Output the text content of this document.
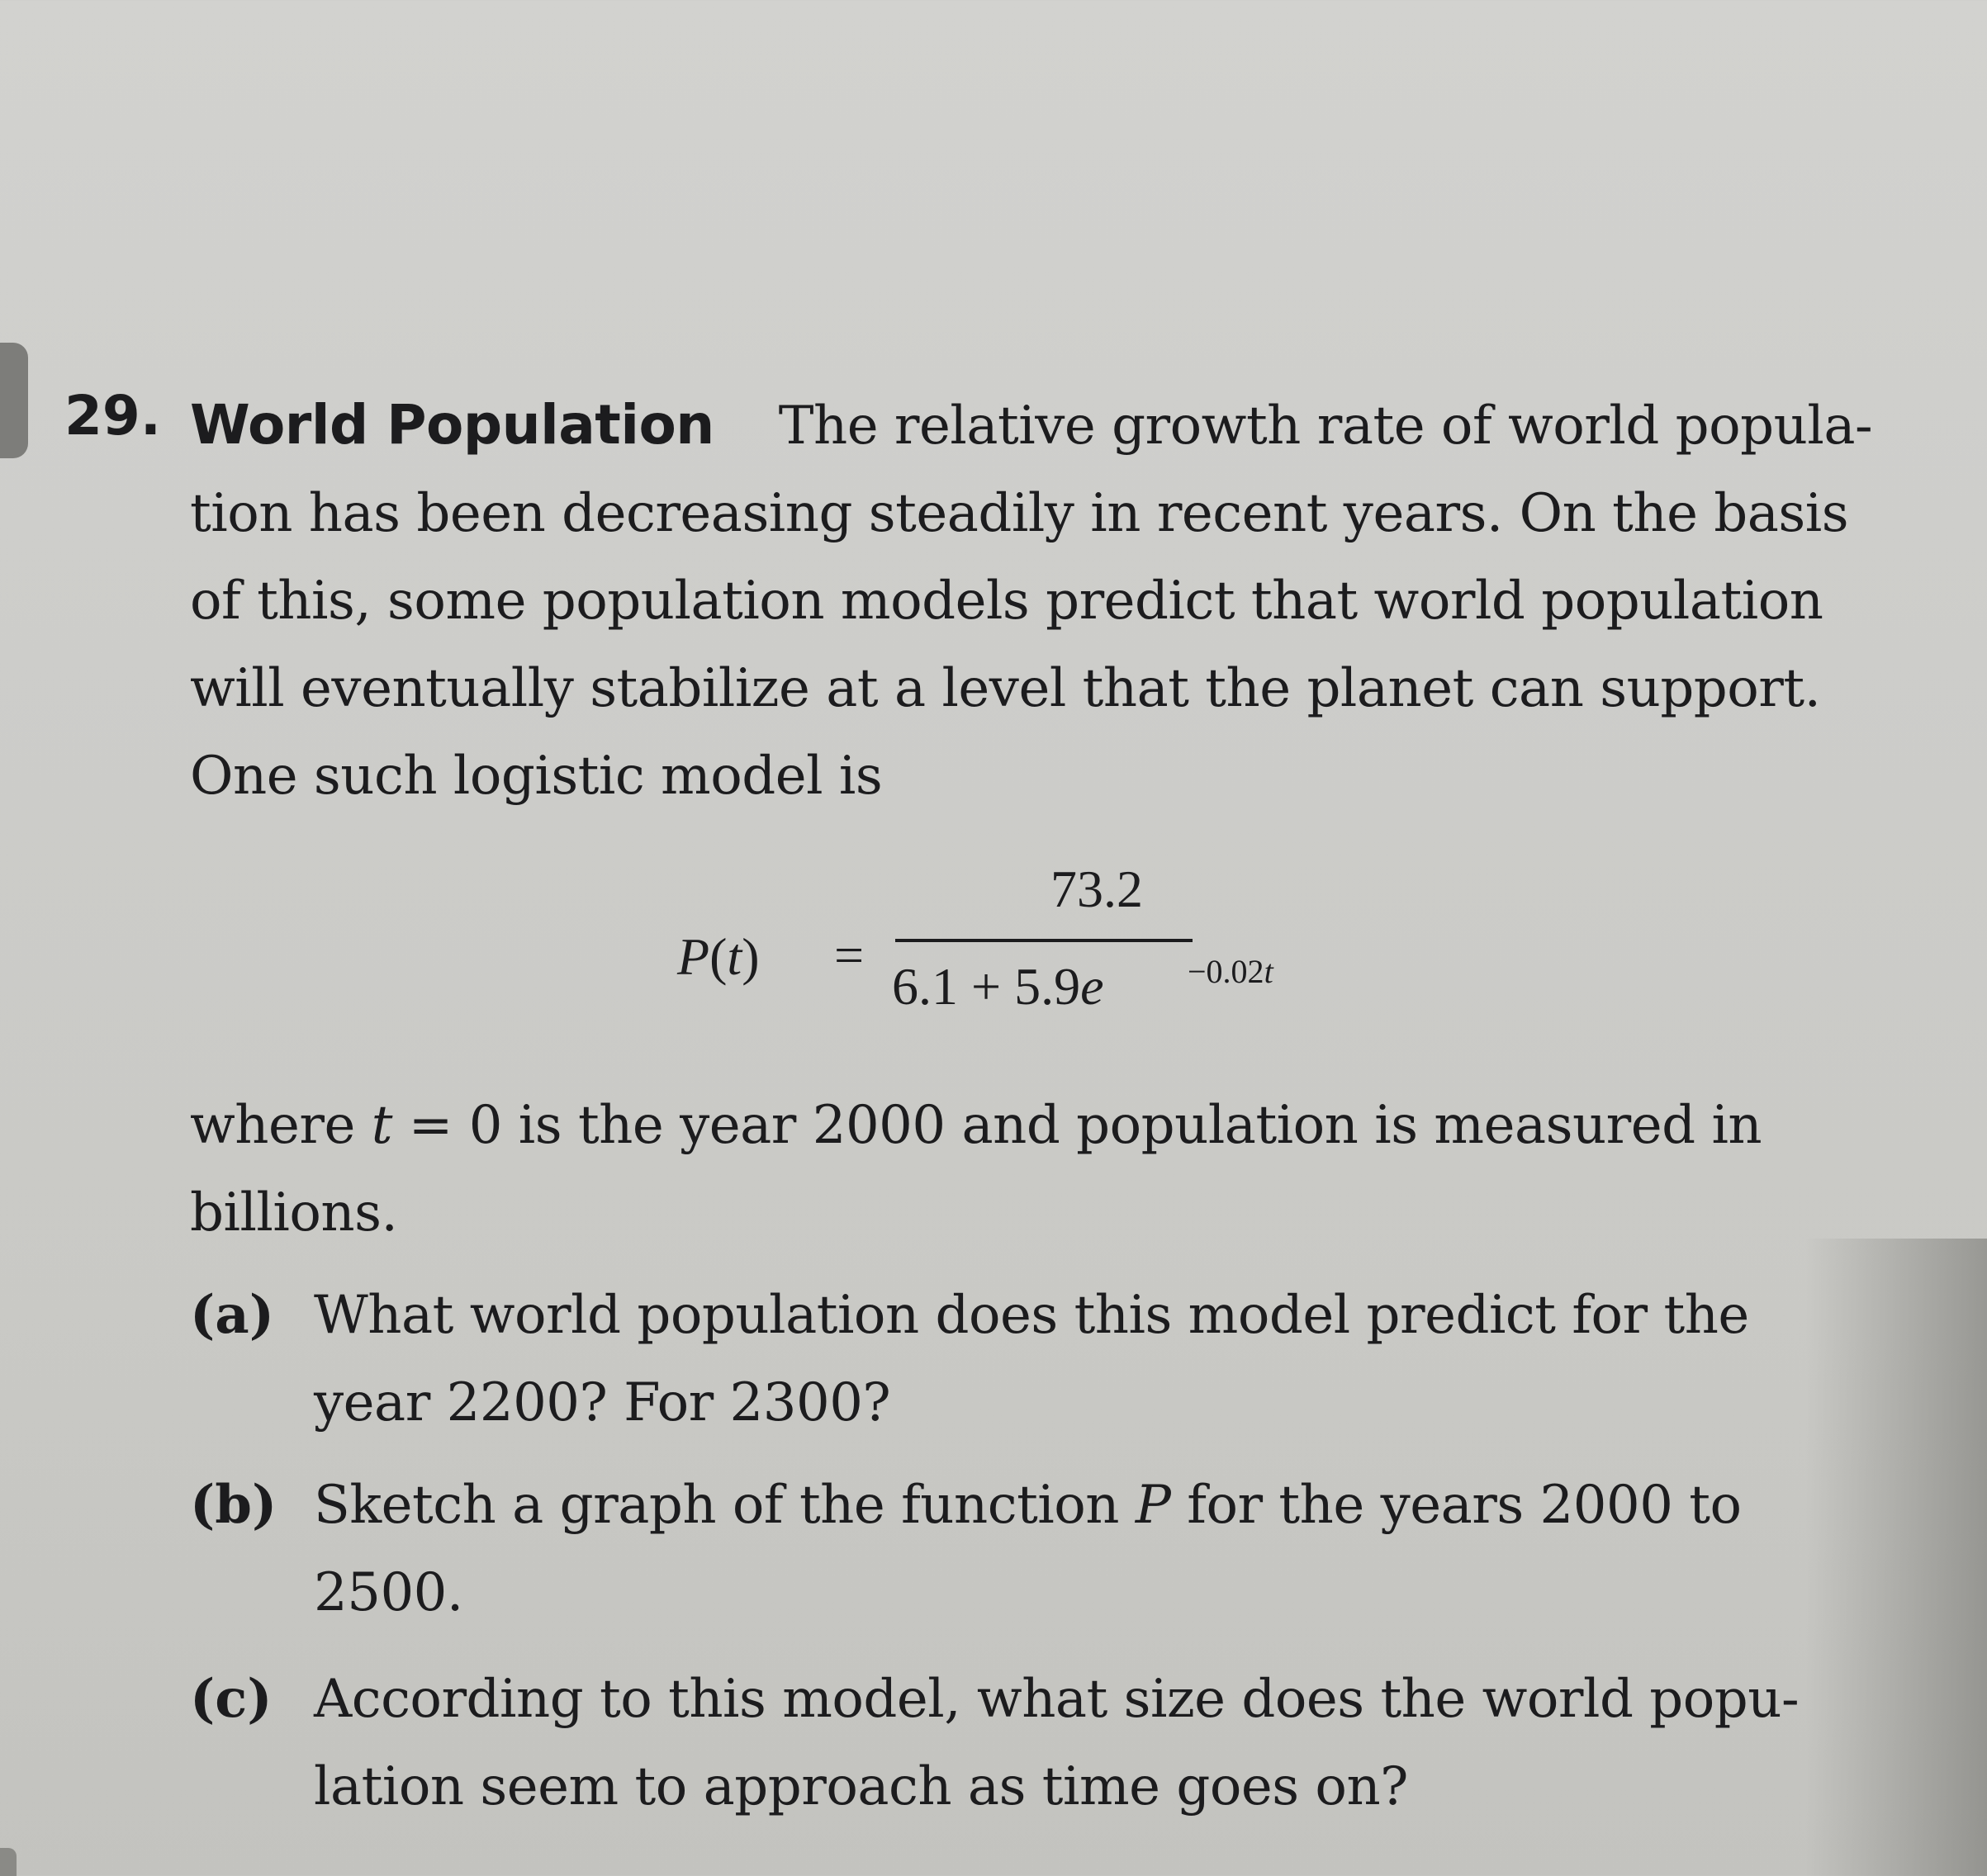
29. World Population The relative growth rate of world popula-
tion has been decreasing steadily in recent years. On the basis
of this, some population models predict that world population
will eventually stabilize at a level that the planet can support.
One such logistic model is
P(t) =
73.2
6.1 + 5.9e	−0.02t
where t = 0 is the year 2000 and population is measured in
billions.
(a) What world population does this model predict for the
year 2200? For 2300?
(b) Sketch a graph of the function P for the years 2000 to
2500.
(c) According to this model, what size does the world popu-
lation seem to approach as time goes on?
